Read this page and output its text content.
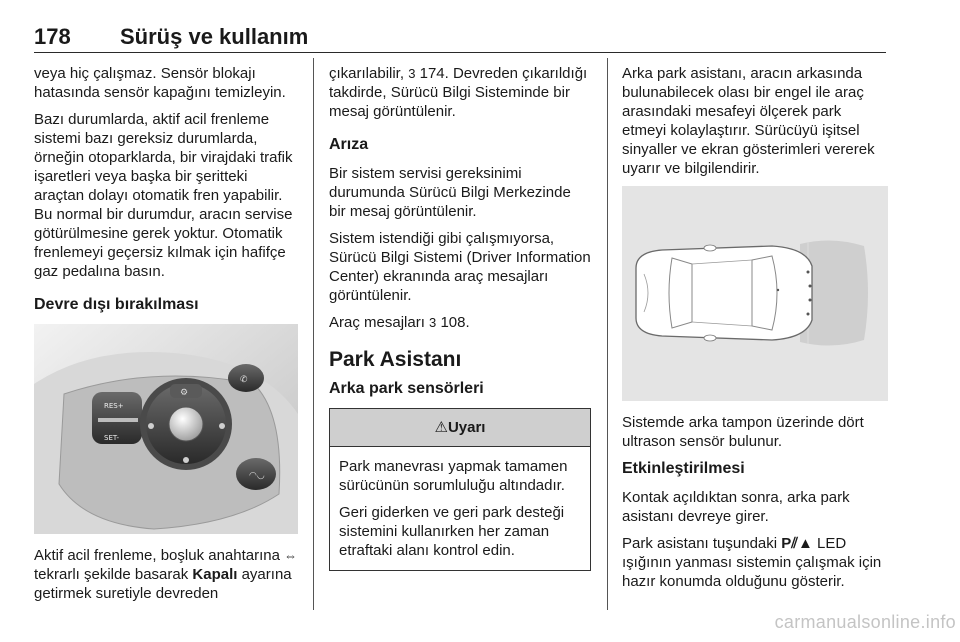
178 Sürüş ve kullanım

veya hiç çalışmaz. Sensör blokajı hatasında sensör kapağını temizleyin.

Bazı durumlarda, aktif acil frenleme sistemi bazı gereksiz durumlarda, örneğin otoparklarda, bir virajdaki trafik işaretleri veya başka bir şeritteki araçtan dolayı otomatik fren yapabilir. Bu normal bir durumdur, aracın servise götürülmesine gerek yoktur. Otomatik frenlemeyi geçersiz kılmak için hafifçe gaz pedalına basın.

Devre dışı bırakılması
RES+
SET-
⚙
◠◡
✆

Aktif acil frenleme, boşluk anahtarına ⇔ tekrarlı şekilde basarak Kapalı ayarına getirmek suretiyle devreden

çıkarılabilir, 3 174. Devreden çıkarıldığı takdirde, Sürücü Bilgi Sisteminde bir mesaj görüntülenir.

Arıza

Bir sistem servisi gereksinimi durumunda Sürücü Bilgi Merkezinde bir mesaj görüntülenir.

Sistem istendiği gibi çalışmıyorsa, Sürücü Bilgi Sistemi (Driver Information Center) ekranında araç mesajları görüntülenir.

Araç mesajları 3 108.

Park Asistanı
Arka park sensörleri
⚠Uyarı

Park manevrası yapmak tamamen sürücünün sorumluluğu altındadır.

Geri giderken ve geri park desteği sistemini kullanırken her zaman etraftaki alanı kontrol edin.

Arka park asistanı, aracın arkasında bulunabilecek olası bir engel ile araç arasındaki mesafeyi ölçerek park etmeyi kolaylaştırır. Sürücüyü işitsel sinyaller ve ekran gösterimleri vererek uyarır ve bilgilendirir.

Sistemde arka tampon üzerinde dört ultrason sensör bulunur.

Etkinleştirilmesi

Kontak açıldıktan sonra, arka park asistanı devreye girer.

Park asistanı tuşundaki P⫽▲ LED ışığının yanması sistemin çalışmak için hazır konumda olduğunu gösterir.

carmanualsonline.info
